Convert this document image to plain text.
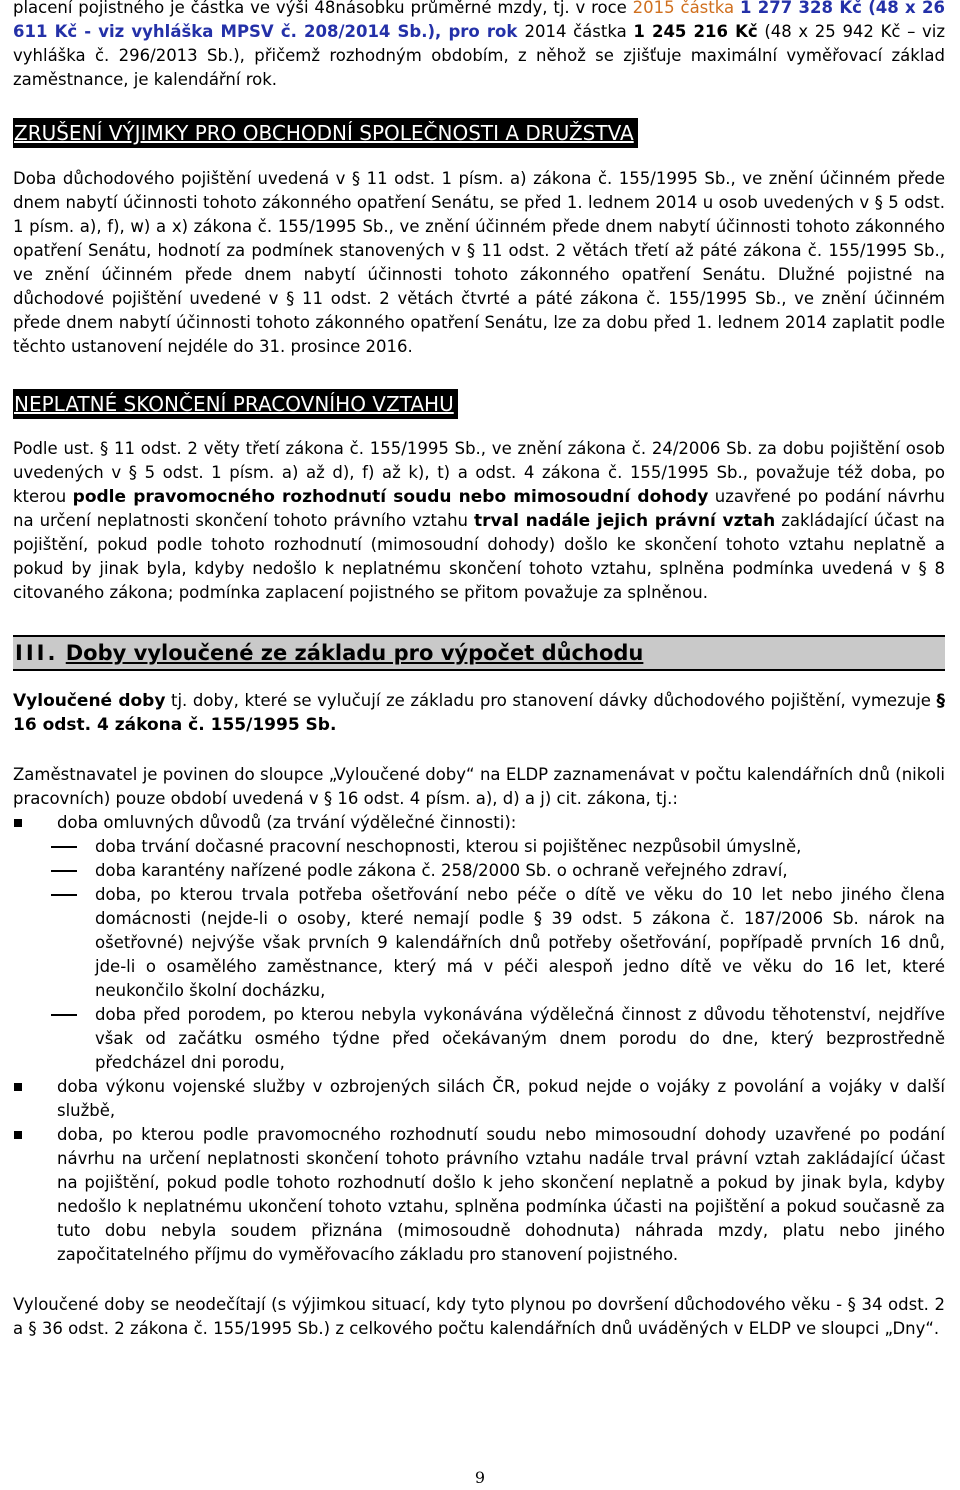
placení pojistného je částka ve výši 48násobku průměrné mzdy, tj. v roce 2015 částka 1 277 328 Kč (48 x 26 611 Kč - viz vyhláška MPSV č. 208/2014 Sb.), pro rok 2014 částka 1 245 216 Kč (48 x 25 942 Kč – viz vyhláška č. 296/2013 Sb.), přičemž rozhodným obdobím, z něhož se zjišťuje maximální vyměřovací základ zaměstnance, je kalendářní rok.

ZRUŠENÍ VÝJIMKY PRO OBCHODNÍ SPOLEČNOSTI A DRUŽSTVA

Doba důchodového pojištění uvedená v § 11 odst. 1 písm. a) zákona č. 155/1995 Sb., ve znění účinném přede dnem nabytí účinnosti tohoto zákonného opatření Senátu, se před 1. lednem 2014 u osob uvedených v § 5 odst. 1 písm. a), f), w) a x) zákona č. 155/1995 Sb., ve znění účinném přede dnem nabytí účinnosti tohoto zákonného opatření Senátu, hodnotí za podmínek stanovených v § 11 odst. 2 větách třetí až páté zákona č. 155/1995 Sb., ve znění účinném přede dnem nabytí účinnosti tohoto zákonného opatření Senátu. Dlužné pojistné na důchodové pojištění uvedené v § 11 odst. 2 větách čtvrté a páté zákona č. 155/1995 Sb., ve znění účinném přede dnem nabytí účinnosti tohoto zákonného opatření Senátu, lze za dobu před 1. lednem 2014 zaplatit podle těchto ustanovení nejdéle do 31. prosince 2016.

NEPLATNÉ SKONČENÍ PRACOVNÍHO VZTAHU

Podle ust. § 11 odst. 2 věty třetí zákona č. 155/1995 Sb., ve znění zákona č. 24/2006 Sb. za dobu pojištění osob uvedených v § 5 odst. 1 písm. a) až d), f) až k), t) a odst. 4 zákona č. 155/1995 Sb., považuje též doba, po kterou podle pravomocného rozhodnutí soudu nebo mimosoudní dohody uzavřené po podání návrhu na určení neplatnosti skončení tohoto právního vztahu trval nadále jejich právní vztah zakládající účast na pojištění, pokud podle tohoto rozhodnutí (mimosoudní dohody) došlo ke skončení tohoto vztahu neplatně a pokud by jinak byla, kdyby nedošlo k neplatnému skončení tohoto vztahu, splněna podmínka uvedená v § 8 citovaného zákona; podmínka zaplacení pojistného se přitom považuje za splněnou.

III. Doby vyloučené ze základu pro výpočet důchodu

Vyloučené doby tj. doby, které se vylučují ze základu pro stanovení dávky důchodového pojištění, vymezuje § 16 odst. 4 zákona č. 155/1995 Sb.

Zaměstnavatel je povinen do sloupce „Vyloučené doby“ na ELDP zaznamenávat v počtu kalendářních dnů (nikoli pracovních) pouze období uvedená v § 16 odst. 4 písm. a), d) a j) cit. zákona, tj.:

doba omluvných důvodů (za trvání výdělečné činnosti):
doba trvání dočasné pracovní neschopnosti, kterou si pojištěnec nezpůsobil úmyslně,
doba karantény nařízené podle zákona č. 258/2000 Sb. o ochraně veřejného zdraví,
doba, po kterou trvala potřeba ošetřování nebo péče o dítě ve věku do 10 let nebo jiného člena domácnosti (nejde-li o osoby, které nemají podle § 39 odst. 5 zákona č. 187/2006 Sb. nárok na ošetřovné) nejvýše však prvních 9 kalendářních dnů potřeby ošetřování, popřípadě prvních 16 dnů, jde-li o osamělého zaměstnance, který má v péči alespoň jedno dítě ve věku do 16 let, které neukončilo školní docházku,
doba před porodem, po kterou nebyla vykonávána výdělečná činnost z důvodu těhotenství, nejdříve však od začátku osmého týdne před očekávaným dnem porodu do dne, který bezprostředně předcházel dni porodu,
doba výkonu vojenské služby v ozbrojených silách ČR, pokud nejde o vojáky z povolání a vojáky v další službě,
doba, po kterou podle pravomocného rozhodnutí soudu nebo mimosoudní dohody uzavřené po podání návrhu na určení neplatnosti skončení tohoto právního vztahu nadále trval právní vztah zakládající účast na pojištění, pokud podle tohoto rozhodnutí došlo k jeho skončení neplatně a pokud by jinak byla, kdyby nedošlo k neplatnému ukončení tohoto vztahu, splněna podmínka účasti na pojištění a pokud současně za tuto dobu nebyla soudem přiznána (mimosoudně dohodnuta) náhrada mzdy, platu nebo jiného započitatelného příjmu do vyměřovacího základu pro stanovení pojistného.

Vyloučené doby se neodečítají (s výjimkou situací, kdy tyto plynou po dovršení důchodového věku - § 34 odst. 2 a § 36 odst. 2 zákona č. 155/1995 Sb.) z celkového počtu kalendářních dnů uváděných v ELDP ve sloupci „Dny“.

9
